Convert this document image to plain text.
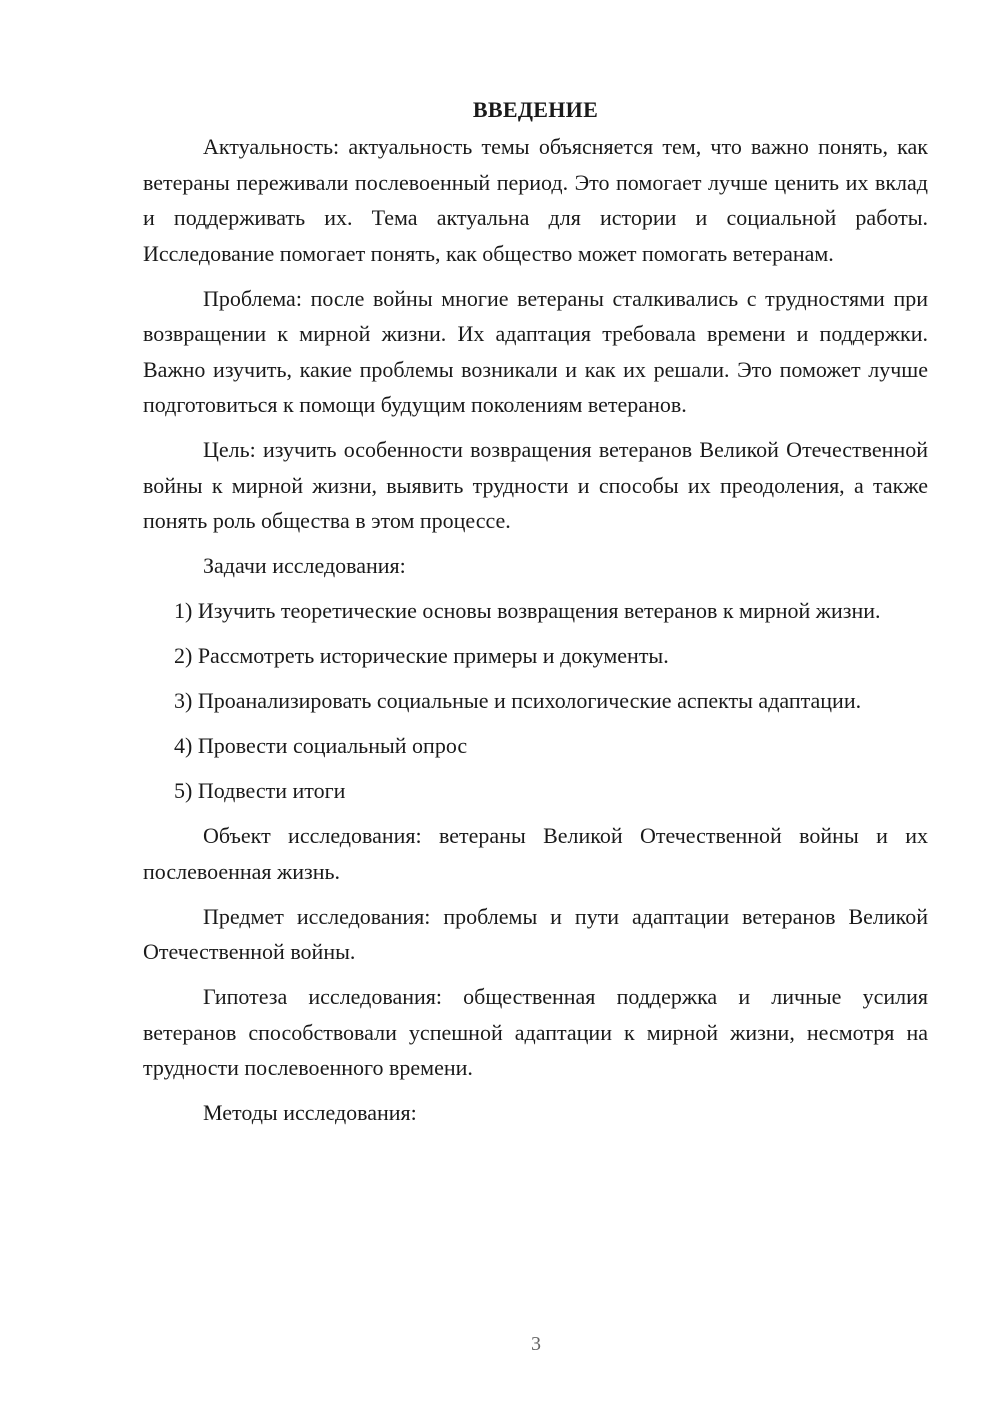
ВВЕДЕНИЕ

Актуальность: актуальность темы объясняется тем, что важно понять, как ветераны переживали послевоенный период. Это помогает лучше ценить их вклад и поддерживать их. Тема актуальна для истории и социальной работы. Исследование помогает понять, как общество может помогать ветеранам.

Проблема: после войны многие ветераны сталкивались с трудностями при возвращении к мирной жизни. Их адаптация требовала времени и поддержки. Важно изучить, какие проблемы возникали и как их решали. Это поможет лучше подготовиться к помощи будущим поколениям ветеранов.

Цель: изучить особенности возвращения ветеранов Великой Отечественной войны к мирной жизни, выявить трудности и способы их преодоления, а также понять роль общества в этом процессе.

Задачи исследования:

1) Изучить теоретические основы возвращения ветеранов к мирной жизни.

2) Рассмотреть исторические примеры и документы.

3) Проанализировать социальные и психологические аспекты адаптации.

4) Провести социальный опрос

5) Подвести итоги

Объект исследования: ветераны Великой Отечественной войны и их послевоенная жизнь.

Предмет исследования: проблемы и пути адаптации ветеранов Великой Отечественной войны.

Гипотеза исследования: общественная поддержка и личные усилия ветеранов способствовали успешной адаптации к мирной жизни, несмотря на трудности послевоенного времени.

Методы исследования:

3
